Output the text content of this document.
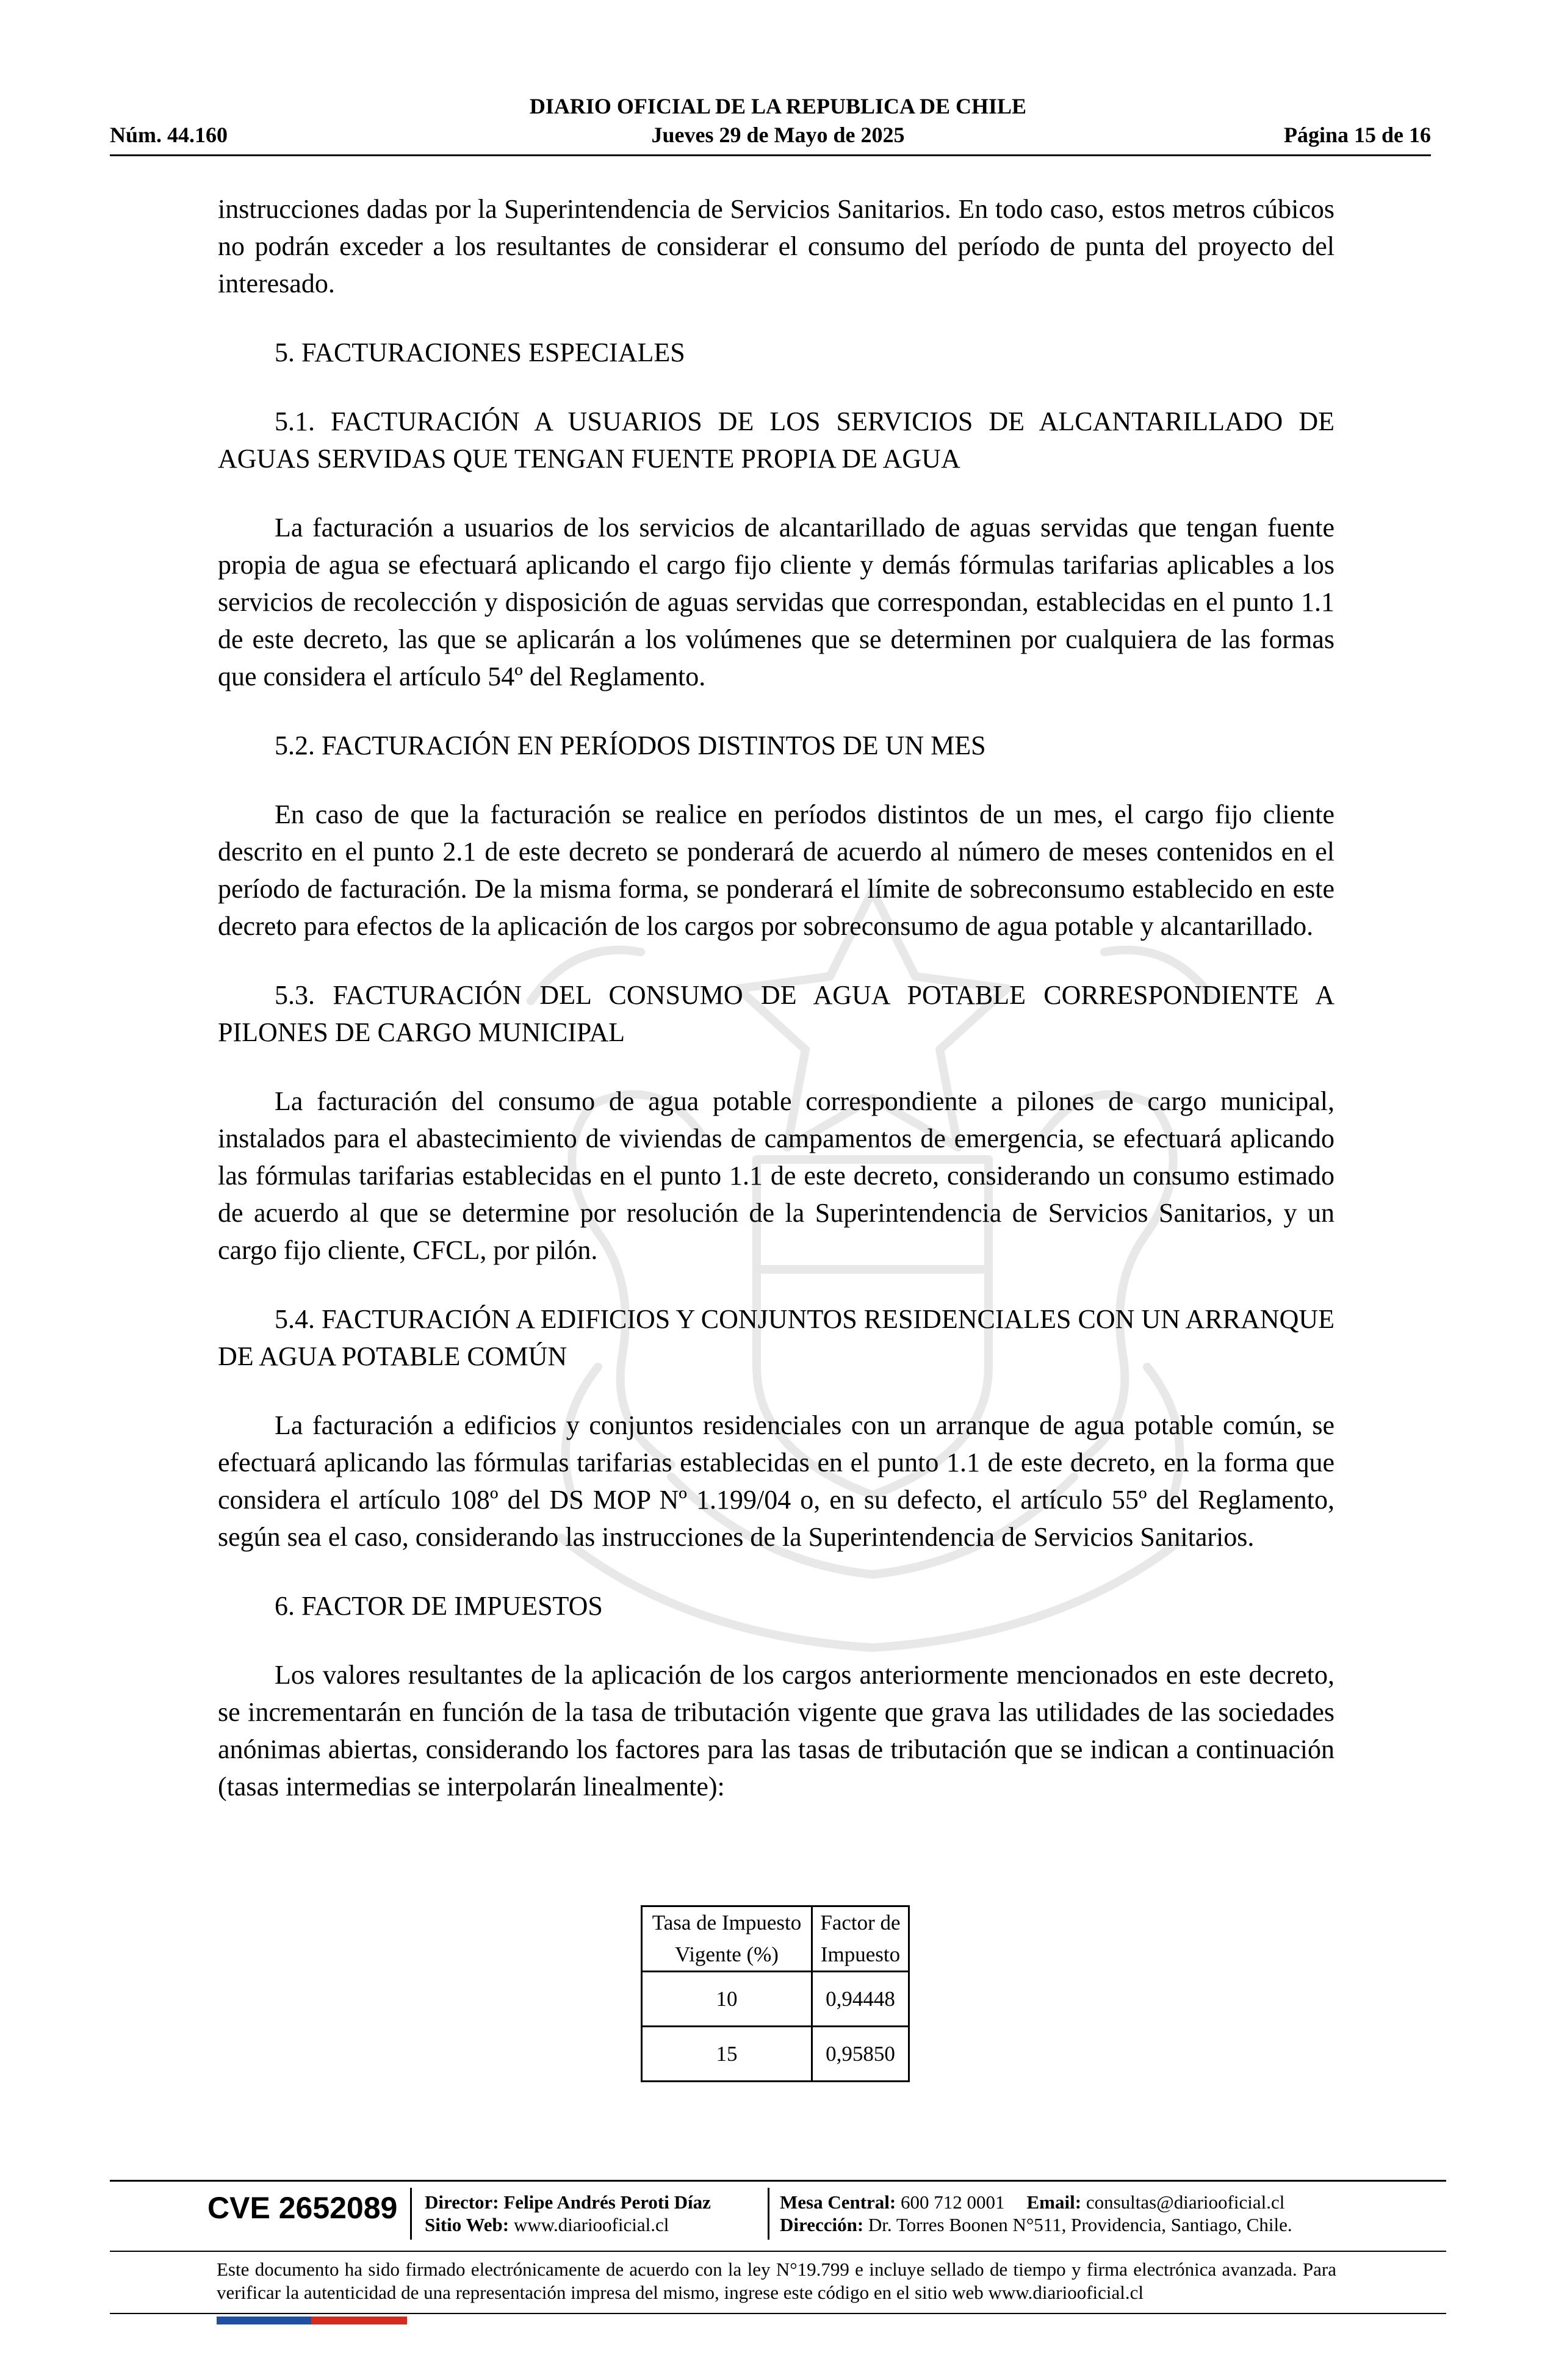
DIARIO OFICIAL DE LA REPUBLICA DE CHILE
Núm. 44.160	Jueves 29 de Mayo de 2025	Página 15 de 16

instrucciones dadas por la Superintendencia de Servicios Sanitarios. En todo caso, estos metros cúbicos no podrán exceder a los resultantes de considerar el consumo del período de punta del proyecto del interesado.

5. FACTURACIONES ESPECIALES

5.1. FACTURACIÓN A USUARIOS DE LOS SERVICIOS DE ALCANTARILLADO DE AGUAS SERVIDAS QUE TENGAN FUENTE PROPIA DE AGUA

La facturación a usuarios de los servicios de alcantarillado de aguas servidas que tengan fuente propia de agua se efectuará aplicando el cargo fijo cliente y demás fórmulas tarifarias aplicables a los servicios de recolección y disposición de aguas servidas que correspondan, establecidas en el punto 1.1 de este decreto, las que se aplicarán a los volúmenes que se determinen por cualquiera de las formas que considera el artículo 54º del Reglamento.

5.2. FACTURACIÓN EN PERÍODOS DISTINTOS DE UN MES

En caso de que la facturación se realice en períodos distintos de un mes, el cargo fijo cliente descrito en el punto 2.1 de este decreto se ponderará de acuerdo al número de meses contenidos en el período de facturación. De la misma forma, se ponderará el límite de sobreconsumo establecido en este decreto para efectos de la aplicación de los cargos por sobreconsumo de agua potable y alcantarillado.

5.3. FACTURACIÓN DEL CONSUMO DE AGUA POTABLE CORRESPONDIENTE A PILONES DE CARGO MUNICIPAL

La facturación del consumo de agua potable correspondiente a pilones de cargo municipal, instalados para el abastecimiento de viviendas de campamentos de emergencia, se efectuará aplicando las fórmulas tarifarias establecidas en el punto 1.1 de este decreto, considerando un consumo estimado de acuerdo al que se determine por resolución de la Superintendencia de Servicios Sanitarios, y un cargo fijo cliente, CFCL, por pilón.

5.4. FACTURACIÓN A EDIFICIOS Y CONJUNTOS RESIDENCIALES CON UN ARRANQUE DE AGUA POTABLE COMÚN

La facturación a edificios y conjuntos residenciales con un arranque de agua potable común, se efectuará aplicando las fórmulas tarifarias establecidas en el punto 1.1 de este decreto, en la forma que considera el artículo 108º del DS MOP Nº 1.199/04 o, en su defecto, el artículo 55º del Reglamento, según sea el caso, considerando las instrucciones de la Superintendencia de Servicios Sanitarios.

6. FACTOR DE IMPUESTOS

Los valores resultantes de la aplicación de los cargos anteriormente mencionados en este decreto, se incrementarán en función de la tasa de tributación vigente que grava las utilidades de las sociedades anónimas abiertas, considerando los factores para las tasas de tributación que se indican a continuación (tasas intermedias se interpolarán linealmente):

Tasa de Impuesto Vigente (%)	Factor de Impuesto
10	0,94448
15	0,95850
CVE 2652089 Director: Felipe Andrés Peroti Díaz
Sitio Web: www.diariooficial.cl
Mesa Central: 600 712 0001 Email: consultas@diariooficial.cl
Dirección: Dr. Torres Boonen N°511, Providencia, Santiago, Chile.
Este documento ha sido firmado electrónicamente de acuerdo con la ley N°19.799 e incluye sellado de tiempo y firma electrónica avanzada. Para verificar la autenticidad de una representación impresa del mismo, ingrese este código en el sitio web www.diariooficial.cl
